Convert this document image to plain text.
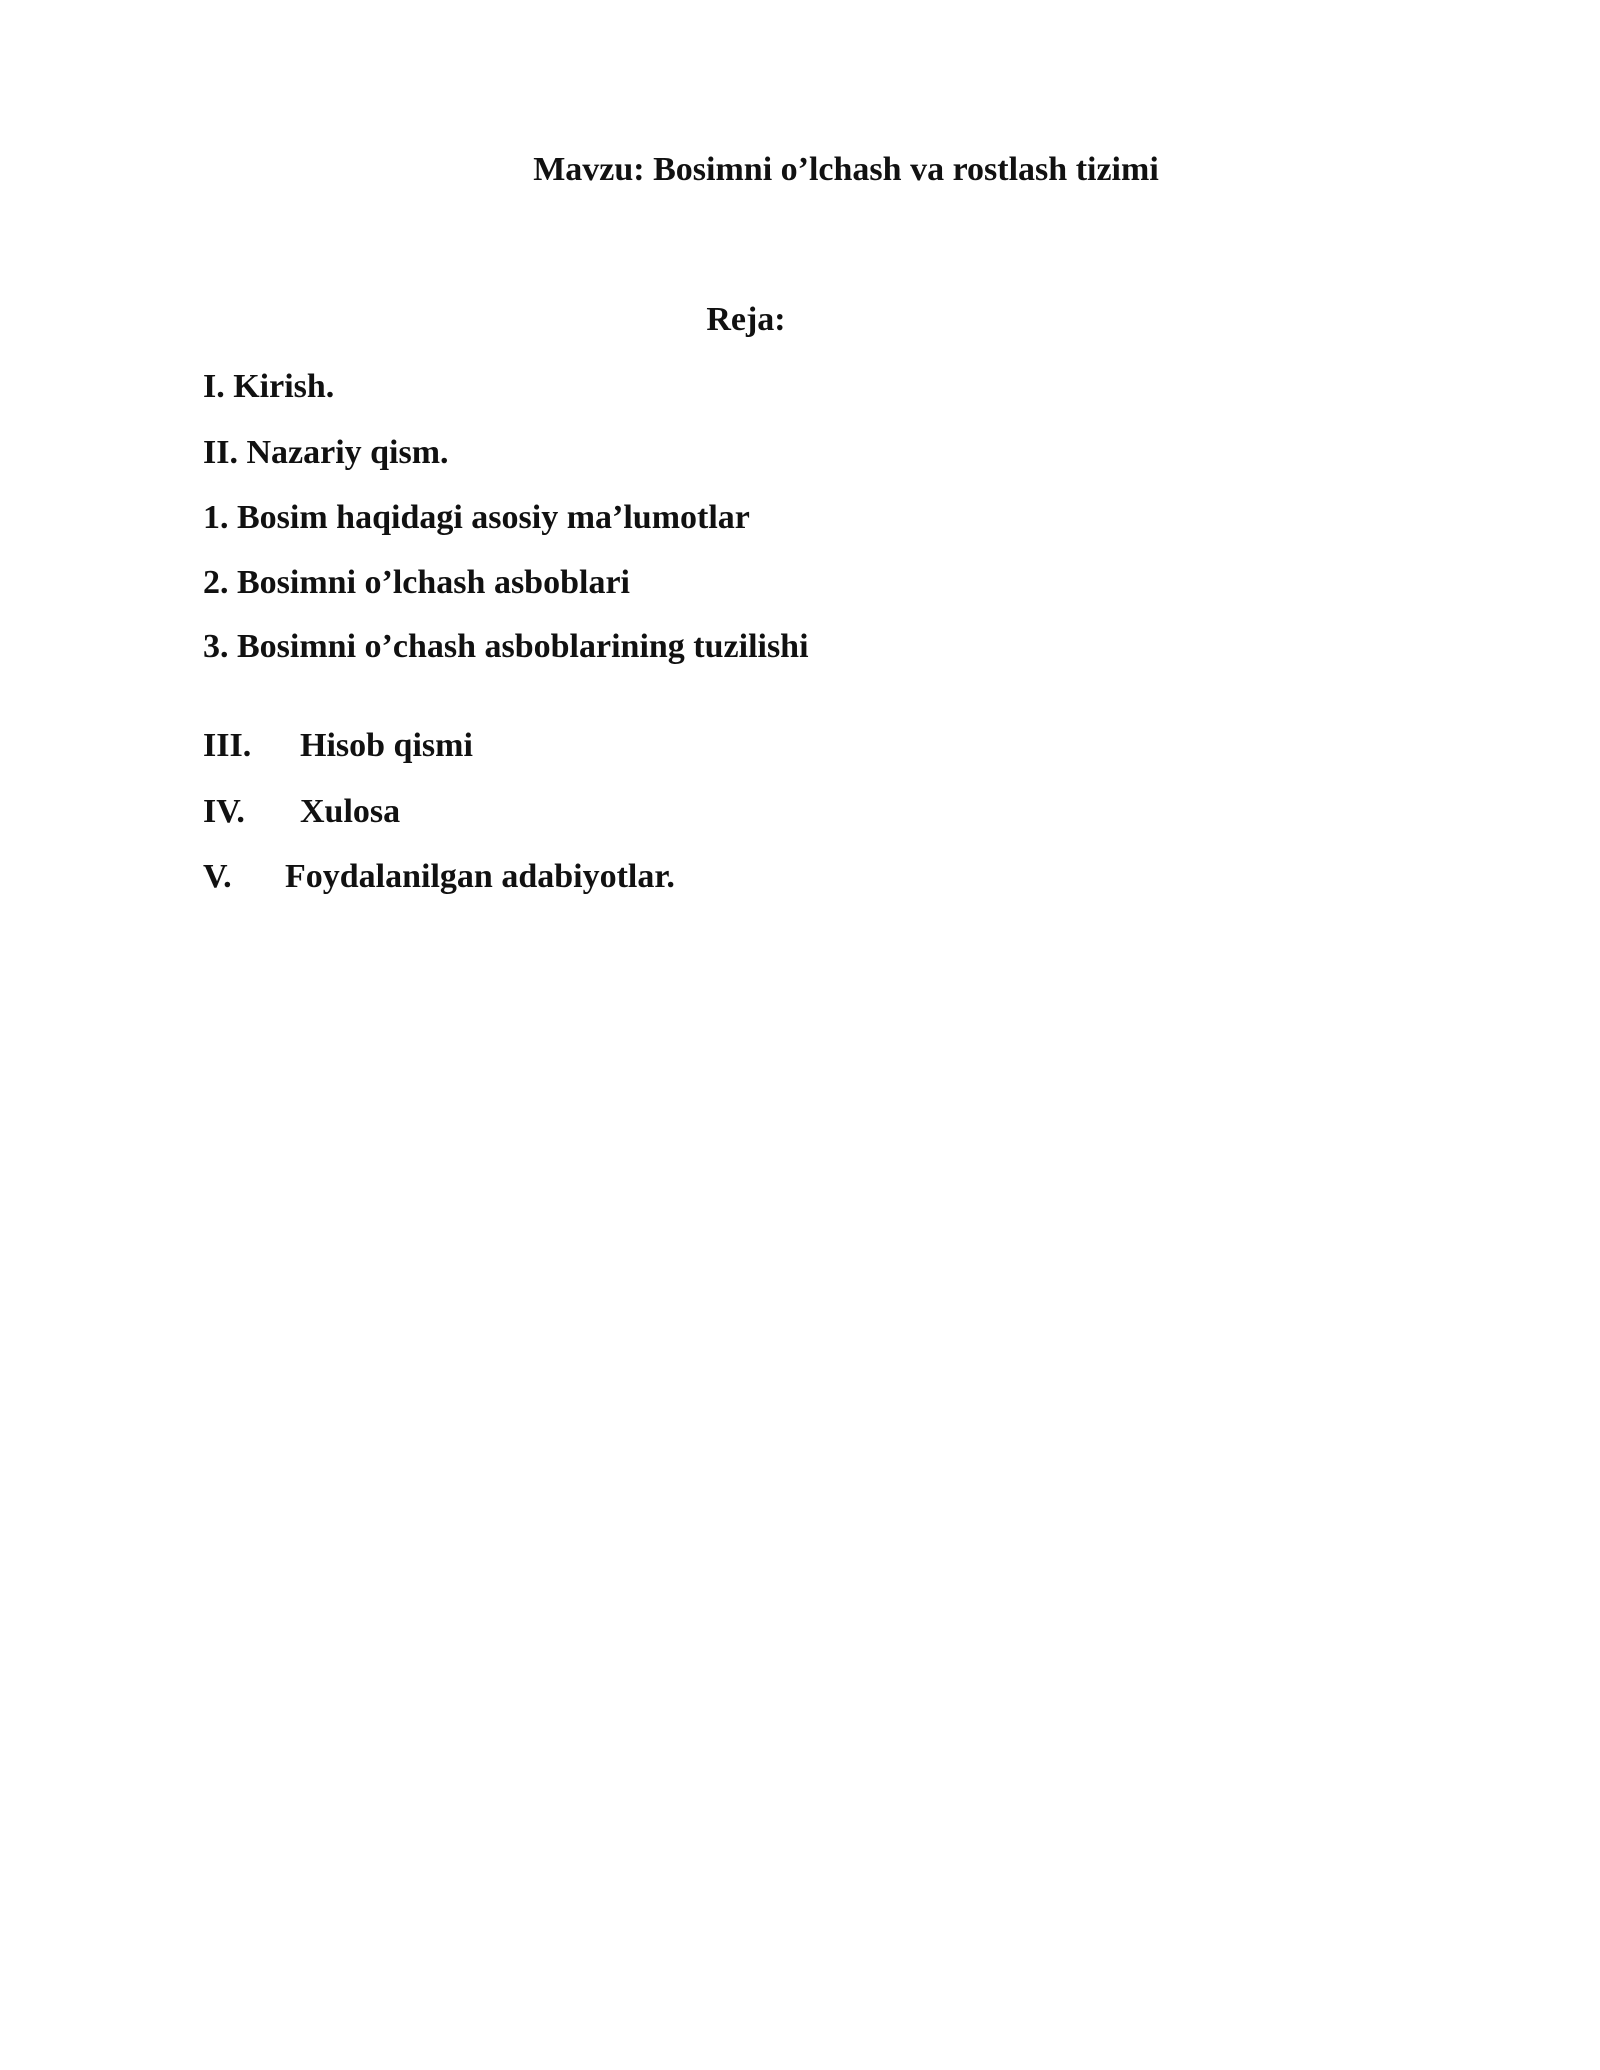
Mavzu: Bosimni o’lchash va rostlash tizimi
Reja:
I. Kirish.
II. Nazariy qism.
1. Bosim haqidagi asosiy ma’lumotlar
2. Bosimni o’lchash asboblari
3. Bosimni o’chash asboblarining tuzilishi
III. Hisob qismi
IV. Xulosa
V. Foydalanilgan adabiyotlar.
